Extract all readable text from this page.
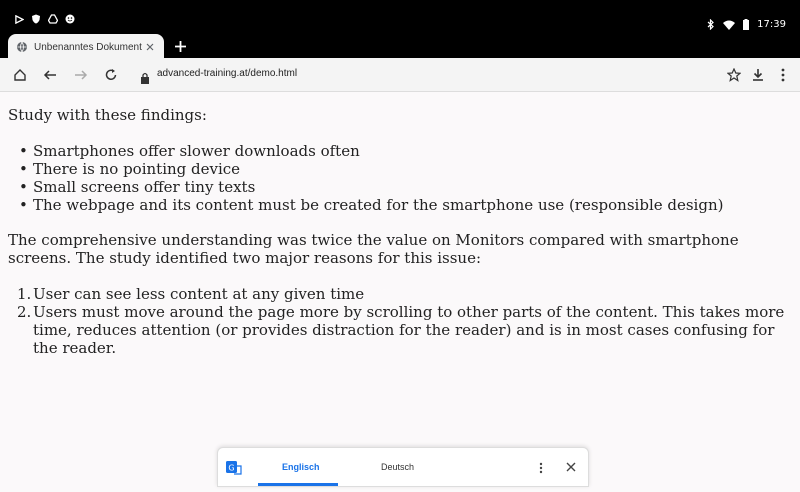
17:39
Unbenanntes Dokument
advanced-training.at/demo.html

Study with these findings:

• Smartphones offer slower downloads often
• There is no pointing device
• Small screens offer tiny texts
• The webpage and its content must be created for the smartphone use (responsible design)

The comprehensive understanding was twice the value on Monitors compared with smartphone screens. The study identified two major reasons for this issue:

1. User can see less content at any given time
2. Users must move around the page more by scrolling to other parts of the content. This takes more time, reduces attention (or provides distraction for the reader) and is in most cases confusing for the reader.
G	Englisch	Deutsch
